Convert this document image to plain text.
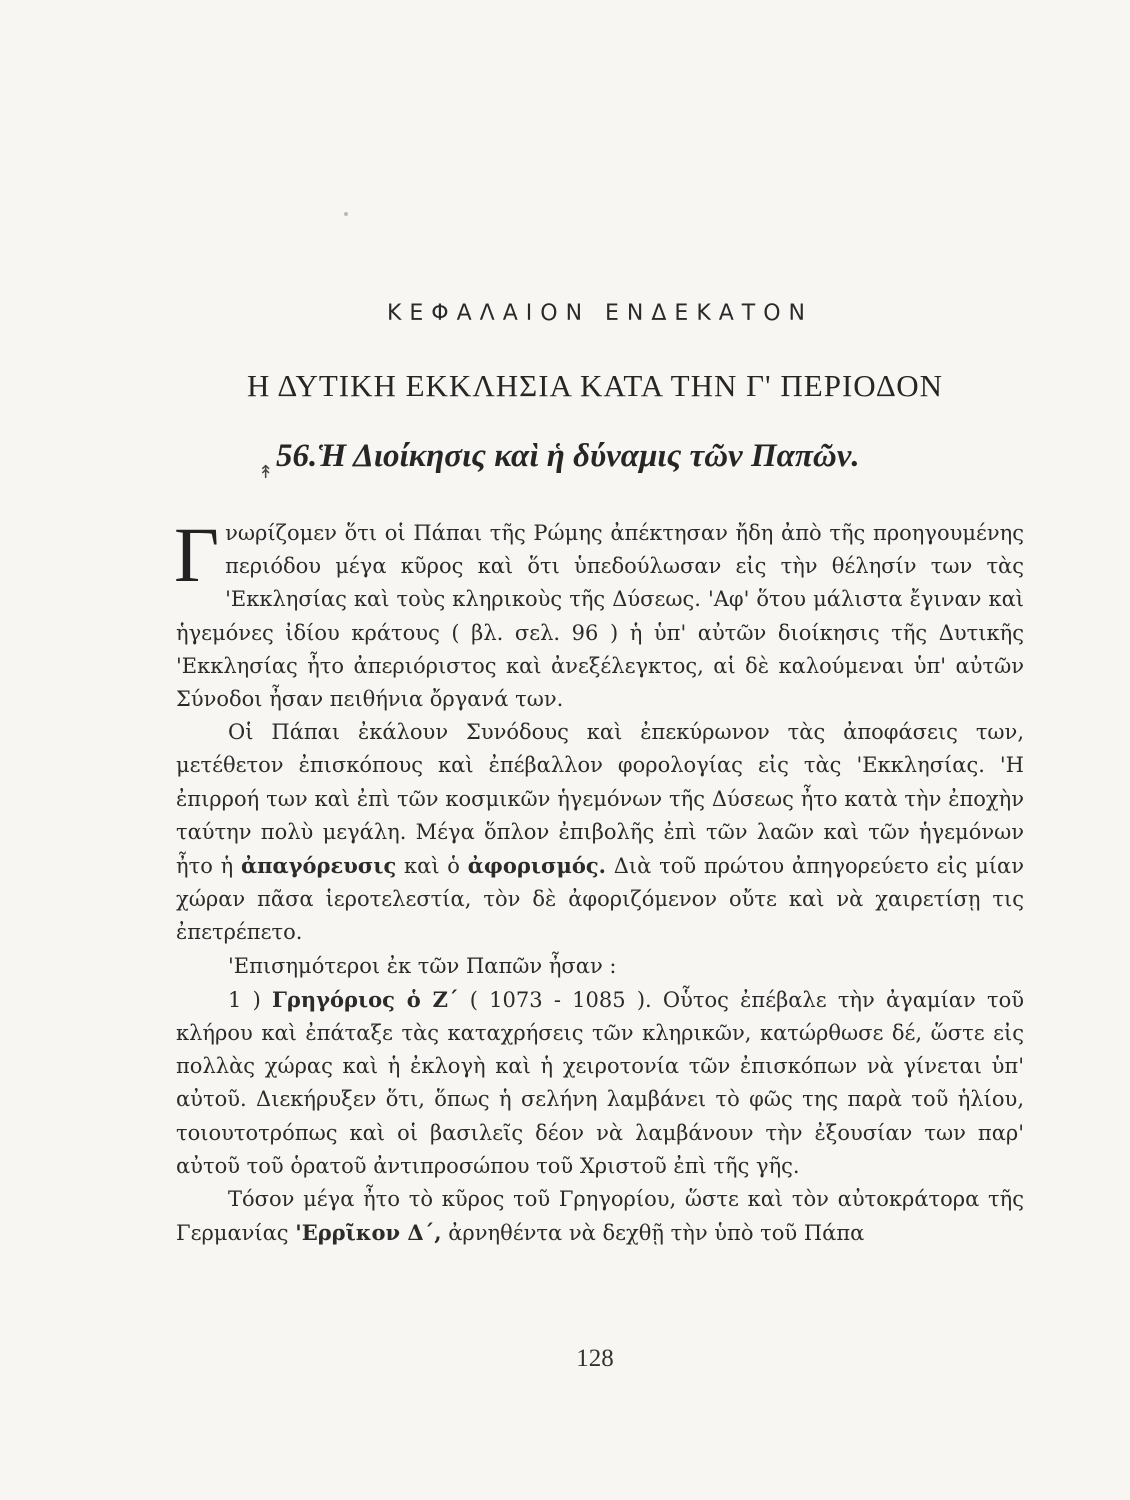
ΚΕΦΑΛΑΙΟΝ ΕΝΔΕΚΑΤΟΝ
Η ΔΥΤΙΚΗ ΕΚΚΛΗΣΙΑ ΚΑΤΑ ΤΗΝ Γ' ΠΕΡΙΟΔΟΝ
↟ 56.Ἡ Διοίκησις καὶ ἡ δύναμις τῶν Παπῶν.

Γνωρίζομεν ὅτι οἱ Πάπαι τῆς Ρώμης ἀπέκτησαν ἤδη ἀπὸ τῆς προηγουμένης περιόδου μέγα κῦρος καὶ ὅτι ὑπεδούλωσαν εἰς τὴν θέλησίν των τὰς 'Εκκλησίας καὶ τοὺς κληρικοὺς τῆς Δύσεως. 'Αφ' ὅτου μάλιστα ἔγιναν καὶ ἡγεμόνες ἰδίου κράτους ( βλ. σελ. 96 ) ἡ ὑπ' αὐτῶν διοίκησις τῆς Δυτικῆς 'Εκκλησίας ἦτο ἀπεριόριστος καὶ ἀνεξέλεγκτος, αἱ δὲ καλούμεναι ὑπ' αὐτῶν Σύνοδοι ἦσαν πειθήνια ὄργανά των.

Οἱ Πάπαι ἐκάλουν Συνόδους καὶ ἐπεκύρωνον τὰς ἀποφάσεις των, μετέθετον ἐπισκόπους καὶ ἐπέβαλλον φορολογίας εἰς τὰς 'Εκκλησίας. 'Η ἐπιρροή των καὶ ἐπὶ τῶν κοσμικῶν ἡγεμόνων τῆς Δύσεως ἦτο κατὰ τὴν ἐποχὴν ταύτην πολὺ μεγάλη. Μέγα ὅπλον ἐπιβολῆς ἐπὶ τῶν λαῶν καὶ τῶν ἡγεμόνων ἦτο ἡ ἀπαγόρευσις καὶ ὁ ἀφορισμός. Διὰ τοῦ πρώτου ἀπηγορεύετο εἰς μίαν χώραν πᾶσα ἱεροτελεστία, τὸν δὲ ἀφοριζόμενον οὔτε καὶ νὰ χαιρετίσῃ τις ἐπετρέπετο.

'Επισημότεροι ἐκ τῶν Παπῶν ἦσαν :

1 ) Γρηγόριος ὁ Ζ΄ ( 1073 - 1085 ). Οὗτος ἐπέβαλε τὴν ἀγαμίαν τοῦ κλήρου καὶ ἐπάταξε τὰς καταχρήσεις τῶν κληρικῶν, κατώρθωσε δέ, ὥστε εἰς πολλὰς χώρας καὶ ἡ ἐκλογὴ καὶ ἡ χειροτονία τῶν ἐπισκόπων νὰ γίνεται ὑπ' αὐτοῦ. Διεκήρυξεν ὅτι, ὅπως ἡ σελήνη λαμβάνει τὸ φῶς της παρὰ τοῦ ἡλίου, τοιουτοτρόπως καὶ οἱ βασιλεῖς δέον νὰ λαμβάνουν τὴν ἐξουσίαν των παρ' αὐτοῦ τοῦ ὁρατοῦ ἀντιπροσώπου τοῦ Χριστοῦ ἐπὶ τῆς γῆς.

Τόσον μέγα ἦτο τὸ κῦρος τοῦ Γρηγορίου, ὥστε καὶ τὸν αὐτοκράτορα τῆς Γερμανίας 'Ερρῖκον Δ΄, ἀρνηθέντα νὰ δεχθῇ τὴν ὑπὸ τοῦ Πάπα

128
